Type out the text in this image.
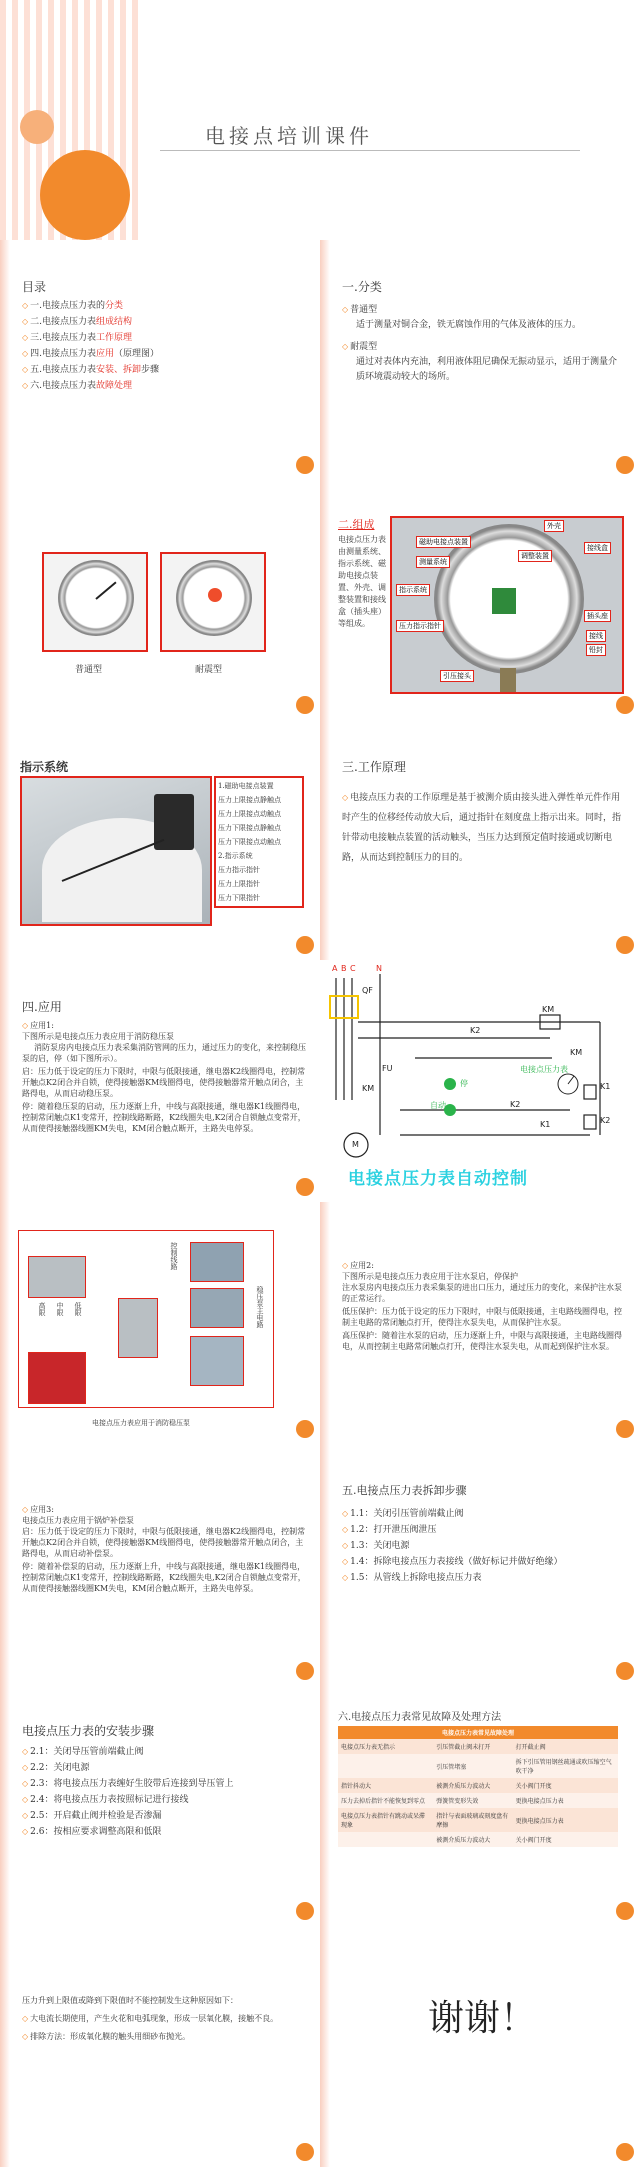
电接点培训课件
目录
◇ 一.电接点压力表的分类
◇ 二.电接点压力表组成结构
◇ 三.电接点压力表工作原理
◇ 四.电接点压力表应用（原理图）
◇ 五.电接点压力表安装、拆卸步骤
◇ 六.电接点压力表故障处理
一.分类
◇ 普通型
适于测量对铜合金，铁无腐蚀作用的气体及液体的压力。
◇ 耐震型
通过对表体内充油，利用液体阻尼确保无振动显示，适用于测量介质环境震动较大的场所。
普通型	耐震型
二.组成
电接点压力表由测量系统、指示系统、磁助电接点装置、外壳、调整装置和接线盒（插头座）等组成。
外壳
磁助电接点装置
接线盒
调整装置
测量系统
指示系统
插头座
压力指示指针
接线
铅封
引压接头
指示系统
1.磁助电接点装置
压力上限接点静触点
压力上限接点动触点
压力下限接点静触点
压力下限接点动触点
2.指示系统
压力指示指针
压力上限指针
压力下限指针
三.工作原理
◇ 电接点压力表的工作原理是基于被测介质由接头进入弹性单元件作用时产生的位移经传动放大后，通过指针在刻度盘上指示出来。同时，指针带动电接触点装置的活动触头，当压力达到预定值时接通或切断电路，从而达到控制压力的目的。
四.应用
◇ 应用1:
下图所示是电接点压力表应用于消防稳压泵
消防泵房内电接点压力表采集消防管网的压力，通过压力的变化，来控制稳压泵的启，停（如下图所示）。
启：压力低于设定的压力下限时，中限与低限接通，继电器K2线圈得电，控制常开触点K2闭合并自锁，使得接触器KM线圈得电，使得接触器常开触点闭合，主路得电，从而启动稳压泵。
停：随着稳压泵的启动，压力逐渐上升，中线与高限接通，继电器K1线圈得电，控制常闭触点K1变常开，控制线路断路，K2线圈失电,K2闭合自锁触点变常开，从而使得接触器线圈KM失电，KM闭合触点断开，主路失电停泵。
A B C	N
QF
K2
KM
FU
KM
停
自动
K1
K2
K1
K2
KM
M
电接点压力表
电接点压力表自动控制
高限	中限	低限
控制线路
稳压泵主电路
电接点压力表应用于消防稳压泵
◇ 应用2:
下图所示是电接点压力表应用于注水泵启，停保护
注水泵房内电接点压力表采集泵的进出口压力，通过压力的变化，来保护注水泵的正常运行。
低压保护：压力低于设定的压力下限时，中限与低限接通，主电路线圈得电，控制主电路的常闭触点打开，使得注水泵失电，从而保护注水泵。
高压保护：随着注水泵的启动，压力逐渐上升，中限与高限接通，主电路线圈得电，从而控制主电路常闭触点打开，使得注水泵失电，从而起到保护注水泵。
◇ 应用3:
电接点压力表应用于锅炉补偿泵
启：压力低于设定的压力下限时，中限与低限接通，继电器K2线圈得电，控制常开触点K2闭合并自锁，使得接触器KM线圈得电，使得接触器常开触点闭合，主路得电，从而启动补偿泵。
停：随着补偿泵的启动，压力逐渐上升，中线与高限接通，继电器K1线圈得电，控制常闭触点K1变常开，控制线路断路，K2线圈失电,K2闭合自锁触点变常开，从而使得接触器线圈KM失电，KM闭合触点断开，主路失电停泵。
五.电接点压力表拆卸步骤
◇ 1.1：关闭引压管前端截止阀
◇ 1.2：打开泄压阀泄压
◇ 1.3：关闭电源
◇ 1.4：拆除电接点压力表接线（做好标记并做好绝缘）
◇ 1.5：从管线上拆除电接点压力表
电接点压力表的安装步骤
◇ 2.1：关闭导压管前端截止阀
◇ 2.2：关闭电源
◇ 2.3：将电接点压力表缠好生胶带后连接到导压管上
◇ 2.4：将电接点压力表按照标记进行接线
◇ 2.5：开启截止阀并检验是否渗漏
◇ 2.6：按相应要求调整高限和低限
六.电接点压力表常见故障及处理方法
电接点压力表常见故障处理		
电接点压力表无指示	引压管截止阀未打开	打开截止阀
	引压管堵塞	拆下引压管用钢丝疏通或吹压缩空气吹干净
指针抖动大	被测介质压力波动大	关小阀门开度
压力去掉后指针不能恢复到零点	弹簧管变形失效	更换电接点压力表
电接点压力表指针有跳动或呆滞现象	指针与表面玻璃或刻度盘有摩擦	更换电接点压力表
	被测介质压力波动大	关小阀门开度
压力升到上限值或降到下限值时不能控制发生这种原因如下：
◇ 大电流长期使用，产生火花和电弧现象，形成一层氧化膜，接触不良。
◇ 排除方法：形成氧化膜的触头用细砂布抛光。	谢谢！
